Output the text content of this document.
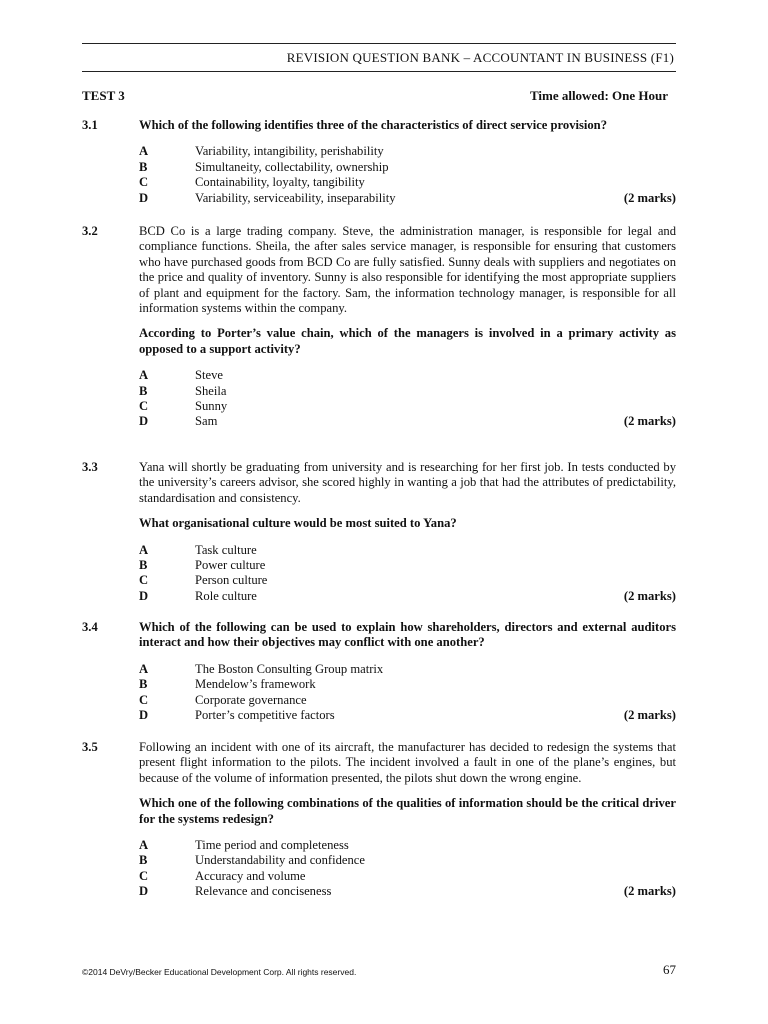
REVISION QUESTION BANK – ACCOUNTANT IN BUSINESS (F1)
TEST 3	Time allowed: One Hour
3.1	Which of the following identifies three of the characteristics of direct service provision?
A	Variability, intangibility, perishability
B	Simultaneity, collectability, ownership
C	Containability, loyalty, tangibility
D	Variability, serviceability, inseparability	(2 marks)
3.2	BCD Co is a large trading company. Steve, the administration manager, is responsible for legal and compliance functions. Sheila, the after sales service manager, is responsible for ensuring that customers who have purchased goods from BCD Co are fully satisfied. Sunny deals with suppliers and negotiates on the price and quality of inventory. Sunny is also responsible for identifying the most appropriate suppliers of plant and equipment for the factory. Sam, the information technology manager, is responsible for all information systems within the company.
According to Porter’s value chain, which of the managers is involved in a primary activity as opposed to a support activity?
A	Steve
B	Sheila
C	Sunny
D	Sam	(2 marks)
3.3	Yana will shortly be graduating from university and is researching for her first job. In tests conducted by the university’s careers advisor, she scored highly in wanting a job that had the attributes of predictability, standardisation and consistency.
What organisational culture would be most suited to Yana?
A	Task culture
B	Power culture
C	Person culture
D	Role culture	(2 marks)
3.4	Which of the following can be used to explain how shareholders, directors and external auditors interact and how their objectives may conflict with one another?
A	The Boston Consulting Group matrix
B	Mendelow’s framework
C	Corporate governance
D	Porter’s competitive factors	(2 marks)
3.5	Following an incident with one of its aircraft, the manufacturer has decided to redesign the systems that present flight information to the pilots. The incident involved a fault in one of the plane’s engines, but because of the volume of information presented, the pilots shut down the wrong engine.
Which one of the following combinations of the qualities of information should be the critical driver for the systems redesign?
A	Time period and completeness
B	Understandability and confidence
C	Accuracy and volume
D	Relevance and conciseness	(2 marks)
©2014 DeVry/Becker Educational Development Corp. All rights reserved.	67
